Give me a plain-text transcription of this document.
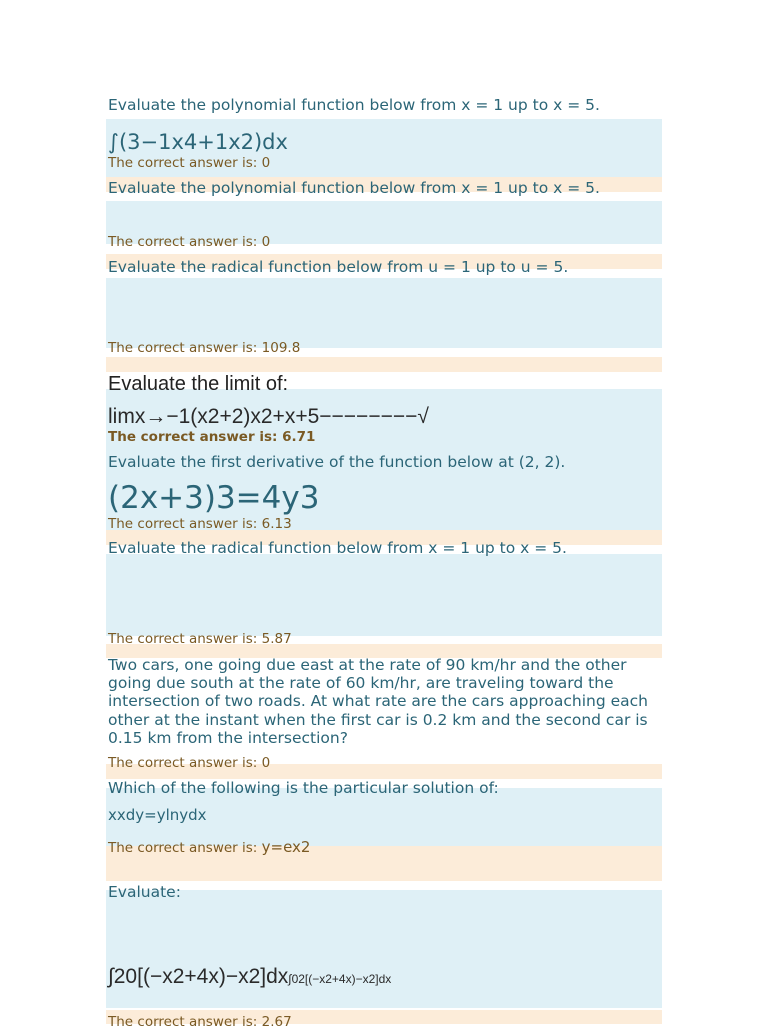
Evaluate the polynomial function below from x = 1 up to x = 5.
∫(3−1x4+1x2)dx
The correct answer is: 0
Evaluate the polynomial function below from x = 1 up to x = 5.
The correct answer is: 0
Evaluate the radical function below from u = 1 up to u = 5.
The correct answer is: 109.8
Evaluate the limit of:
limx→−1(x2+2)x2+x+5−−−−−−−−√
The correct answer is: 6.71
Evaluate the first derivative of the function below at (2, 2).
(2x+3)3=4y3
The correct answer is: 6.13
Evaluate the radical function below from x = 1 up to x = 5.
The correct answer is: 5.87
Two cars, one going due east at the rate of 90 km/hr and the other going due south at the rate of 60 km/hr, are traveling toward the intersection of two roads. At what rate are the cars approaching each other at the instant when the first car is 0.2 km and the second car is 0.15 km from the intersection?
The correct answer is: 0
Which of the following is the particular solution of:
xxdy=ylnydx
The correct answer is: y=ex2
Evaluate:
∫20[(−x2+4x)−x2]dx∫02[(−x2+4x)−x2]dx
The correct answer is: 2.67
